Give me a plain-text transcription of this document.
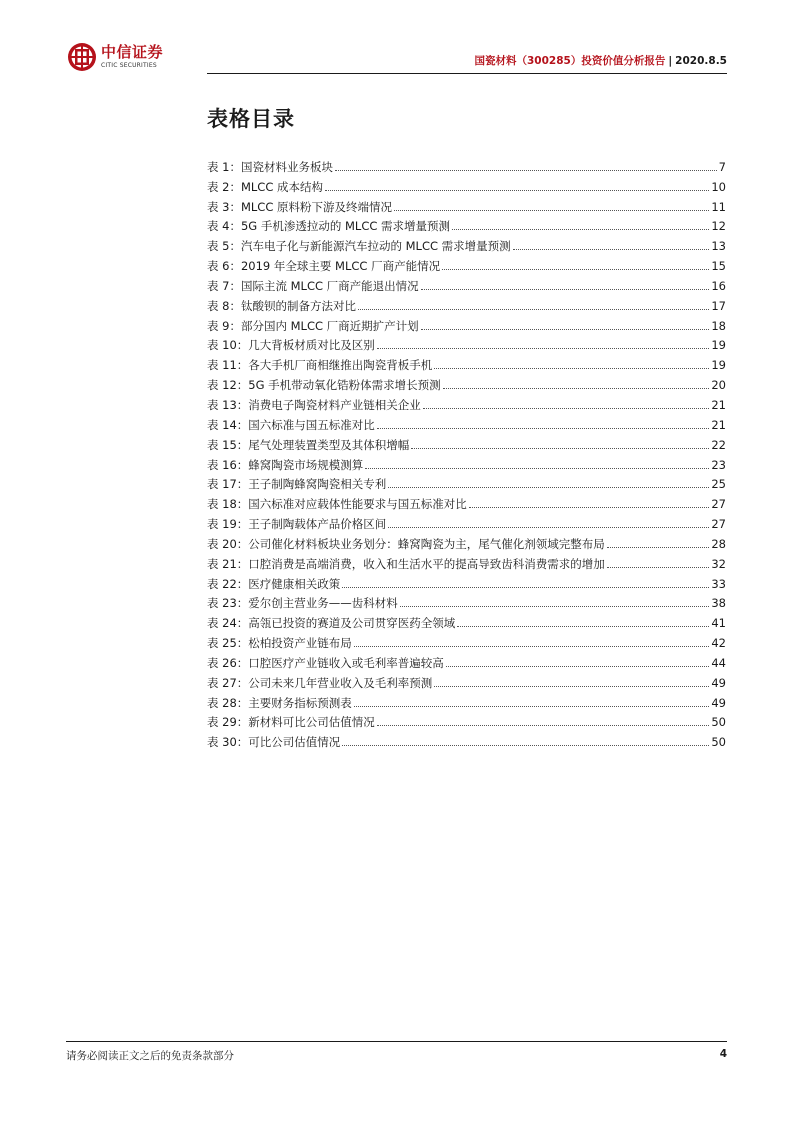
中信证券
CITIC SECURITIES	国瓷材料（300285）投资价值分析报告 | 2020.8.5
表格目录
表 1：国瓷材料业务板块	7
表 2：MLCC 成本结构	10
表 3：MLCC 原料粉下游及终端情况	11
表 4：5G 手机渗透拉动的 MLCC 需求增量预测	12
表 5：汽车电子化与新能源汽车拉动的 MLCC 需求增量预测	13
表 6：2019 年全球主要 MLCC 厂商产能情况	15
表 7：国际主流 MLCC 厂商产能退出情况	16
表 8：钛酸钡的制备方法对比	17
表 9：部分国内 MLCC 厂商近期扩产计划	18
表 10：几大背板材质对比及区别	19
表 11：各大手机厂商相继推出陶瓷背板手机	19
表 12：5G 手机带动氧化锆粉体需求增长预测	20
表 13：消费电子陶瓷材料产业链相关企业	21
表 14：国六标准与国五标准对比	21
表 15：尾气处理装置类型及其体积增幅	22
表 16：蜂窝陶瓷市场规模测算	23
表 17：王子制陶蜂窝陶瓷相关专利	25
表 18：国六标准对应载体性能要求与国五标准对比	27
表 19：王子制陶载体产品价格区间	27
表 20：公司催化材料板块业务划分：蜂窝陶瓷为主，尾气催化剂领域完整布局	28
表 21：口腔消费是高端消费，收入和生活水平的提高导致齿科消费需求的增加	32
表 22：医疗健康相关政策	33
表 23：爱尔创主营业务——齿科材料	38
表 24：高瓴已投资的赛道及公司贯穿医药全领域	41
表 25：松柏投资产业链布局	42
表 26：口腔医疗产业链收入或毛利率普遍较高	44
表 27：公司未来几年营业收入及毛利率预测	49
表 28：主要财务指标预测表	49
表 29：新材料可比公司估值情况	50
表 30：可比公司估值情况	50
请务必阅读正文之后的免责条款部分	4
